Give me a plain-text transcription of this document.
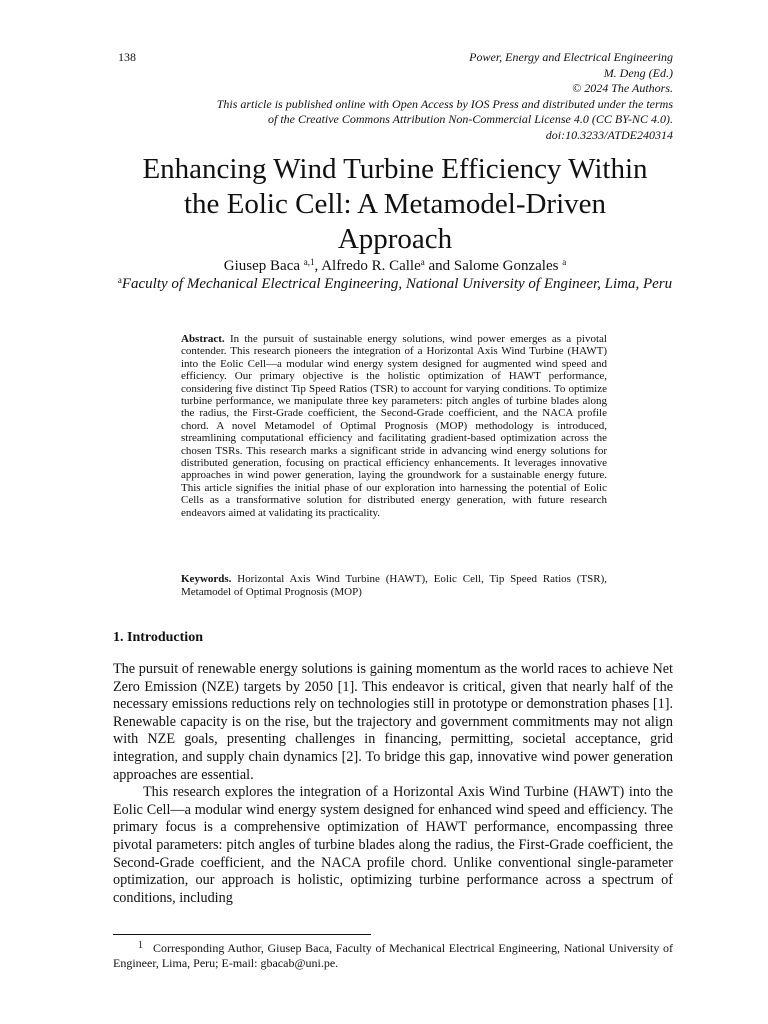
138	Power, Energy and Electrical Engineering
M. Deng (Ed.)
© 2024 The Authors.
This article is published online with Open Access by IOS Press and distributed under the terms
of the Creative Commons Attribution Non-Commercial License 4.0 (CC BY-NC 4.0).
doi:10.3233/ATDE240314
Enhancing Wind Turbine Efficiency Within
the Eolic Cell: A Metamodel-Driven
Approach
Giusep Baca $^{a,1}$, Alfredo R. Calle$^a$ and Salome Gonzales $^a$
$^a$Faculty of Mechanical Electrical Engineering, National University of Engineer, Lima, Peru
Abstract. In the pursuit of sustainable energy solutions, wind power emerges as a pivotal contender. This research pioneers the integration of a Horizontal Axis Wind Turbine (HAWT) into the Eolic Cell—a modular wind energy system designed for augmented wind speed and efficiency. Our primary objective is the holistic optimization of HAWT performance, considering five distinct Tip Speed Ratios (TSR) to account for varying conditions. To optimize turbine performance, we manipulate three key parameters: pitch angles of turbine blades along the radius, the First-Grade coefficient, the Second-Grade coefficient, and the NACA profile chord. A novel Metamodel of Optimal Prognosis (MOP) methodology is introduced, streamlining computational efficiency and facilitating gradient-based optimization across the chosen TSRs. This research marks a significant stride in advancing wind energy solutions for distributed generation, focusing on practical efficiency enhancements. It leverages innovative approaches in wind power generation, laying the groundwork for a sustainable energy future. This article signifies the initial phase of our exploration into harnessing the potential of Eolic Cells as a transformative solution for distributed energy generation, with future research endeavors aimed at validating its practicality.
Keywords. Horizontal Axis Wind Turbine (HAWT), Eolic Cell, Tip Speed Ratios (TSR), Metamodel of Optimal Prognosis (MOP)
1. Introduction

The pursuit of renewable energy solutions is gaining momentum as the world races to achieve Net Zero Emission (NZE) targets by 2050 [1]. This endeavor is critical, given that nearly half of the necessary emissions reductions rely on technologies still in prototype or demonstration phases [1]. Renewable capacity is on the rise, but the trajectory and government commitments may not align with NZE goals, presenting challenges in financing, permitting, societal acceptance, grid integration, and supply chain dynamics [2]. To bridge this gap, innovative wind power generation approaches are essential.

This research explores the integration of a Horizontal Axis Wind Turbine (HAWT) into the Eolic Cell—a modular wind energy system designed for enhanced wind speed and efficiency. The primary focus is a comprehensive optimization of HAWT performance, encompassing three pivotal parameters: pitch angles of turbine blades along the radius, the First-Grade coefficient, the Second-Grade coefficient, and the NACA profile chord. Unlike conventional single-parameter optimization, our approach is holistic, optimizing turbine performance across a spectrum of conditions, including

1 Corresponding Author, Giusep Baca, Faculty of Mechanical Electrical Engineering, National University of Engineer, Lima, Peru; E-mail: gbacab@uni.pe.
